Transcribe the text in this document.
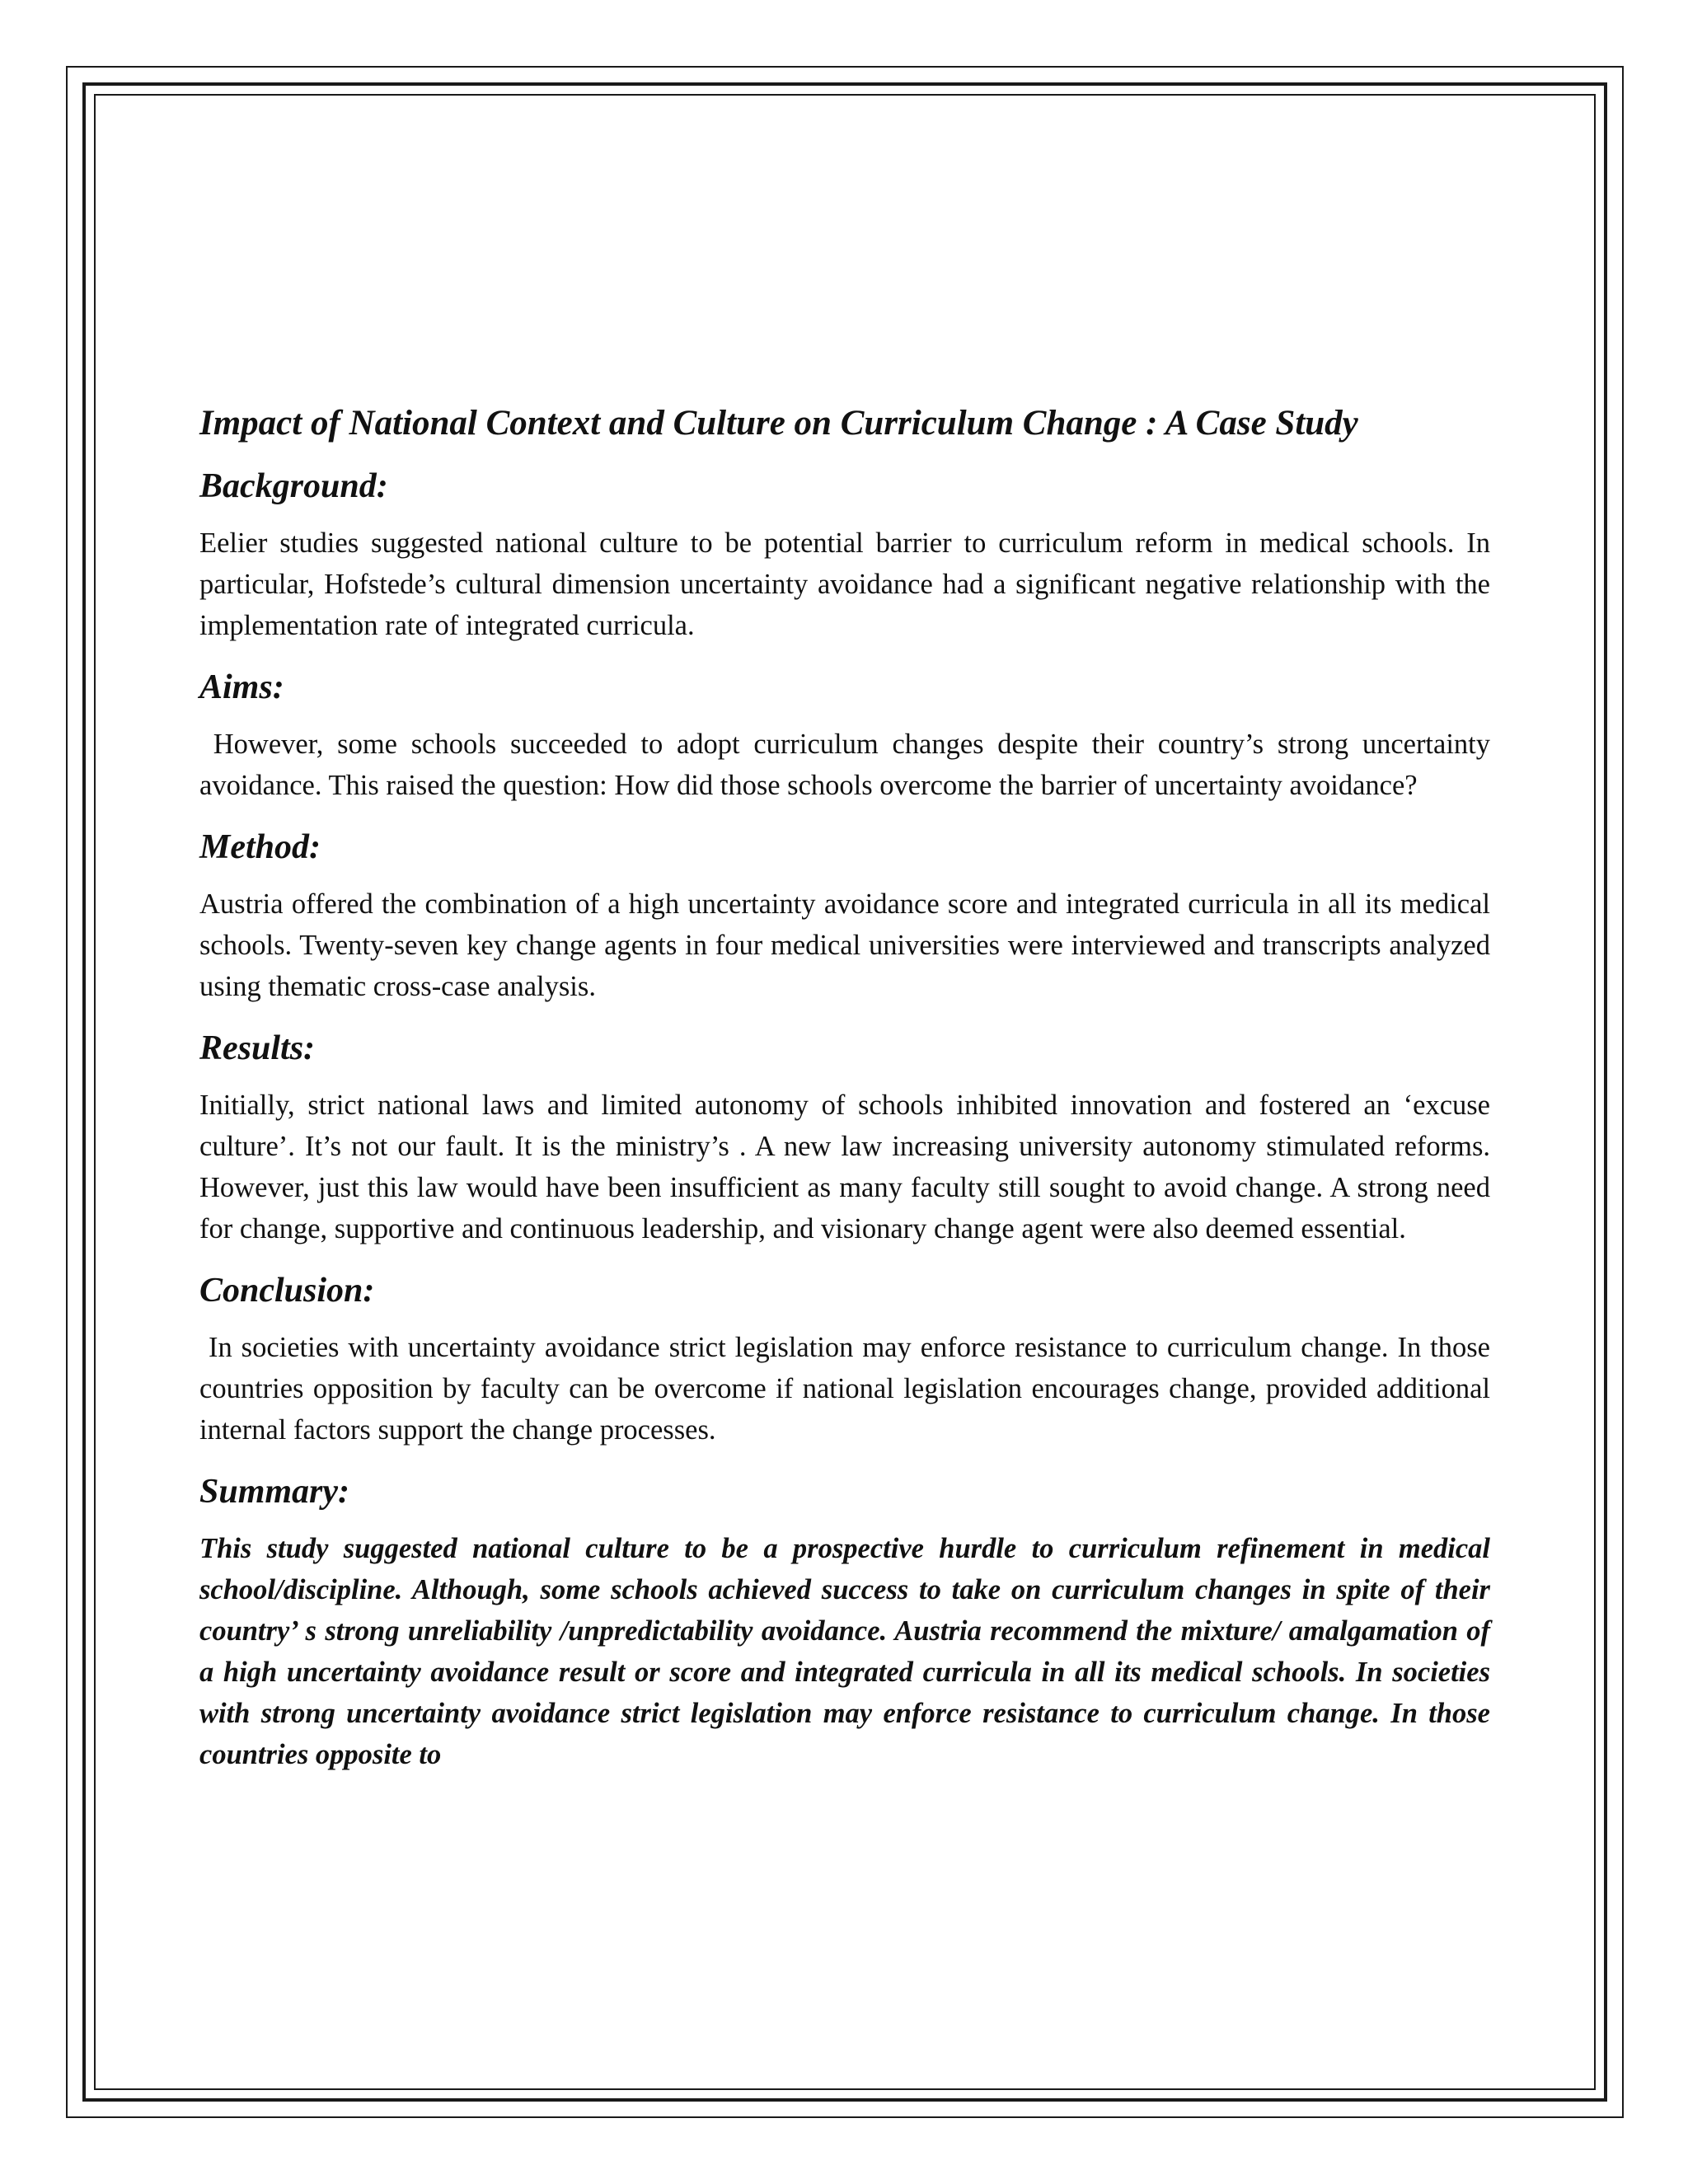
Impact of National Context and Culture on Curriculum Change : A Case Study
Background:

Eelier studies suggested national culture to be potential barrier to curriculum reform in medical schools. In particular, Hofstede’s cultural dimension uncertainty avoidance had a significant negative relationship with the implementation rate of integrated curricula.

Aims:

However, some schools succeeded to adopt curriculum changes despite their country’s strong uncertainty avoidance. This raised the question: How did those schools overcome the barrier of uncertainty avoidance?

Method:

Austria offered the combination of a high uncertainty avoidance score and integrated curricula in all its medical schools. Twenty-seven key change agents in four medical universities were interviewed and transcripts analyzed using thematic cross-case analysis.

Results:

Initially, strict national laws and limited autonomy of schools inhibited innovation and fostered an ‘excuse culture’. It’s not our fault. It is the ministry’s . A new law increasing university autonomy stimulated reforms. However, just this law would have been insufficient as many faculty still sought to avoid change. A strong need for change, supportive and continuous leadership, and visionary change agent were also deemed essential.

Conclusion:

In societies with uncertainty avoidance strict legislation may enforce resistance to curriculum change. In those countries opposition by faculty can be overcome if national legislation encourages change, provided additional internal factors support the change processes.

Summary:

This study suggested national culture to be a prospective hurdle to curriculum refinement in medical school/discipline. Although, some schools achieved success to take on curriculum changes in spite of their country’ s strong unreliability /unpredictability avoidance. Austria recommend the mixture/ amalgamation of a high uncertainty avoidance result or score and integrated curricula in all its medical schools. In societies with strong uncertainty avoidance strict legislation may enforce resistance to curriculum change. In those countries opposite to
